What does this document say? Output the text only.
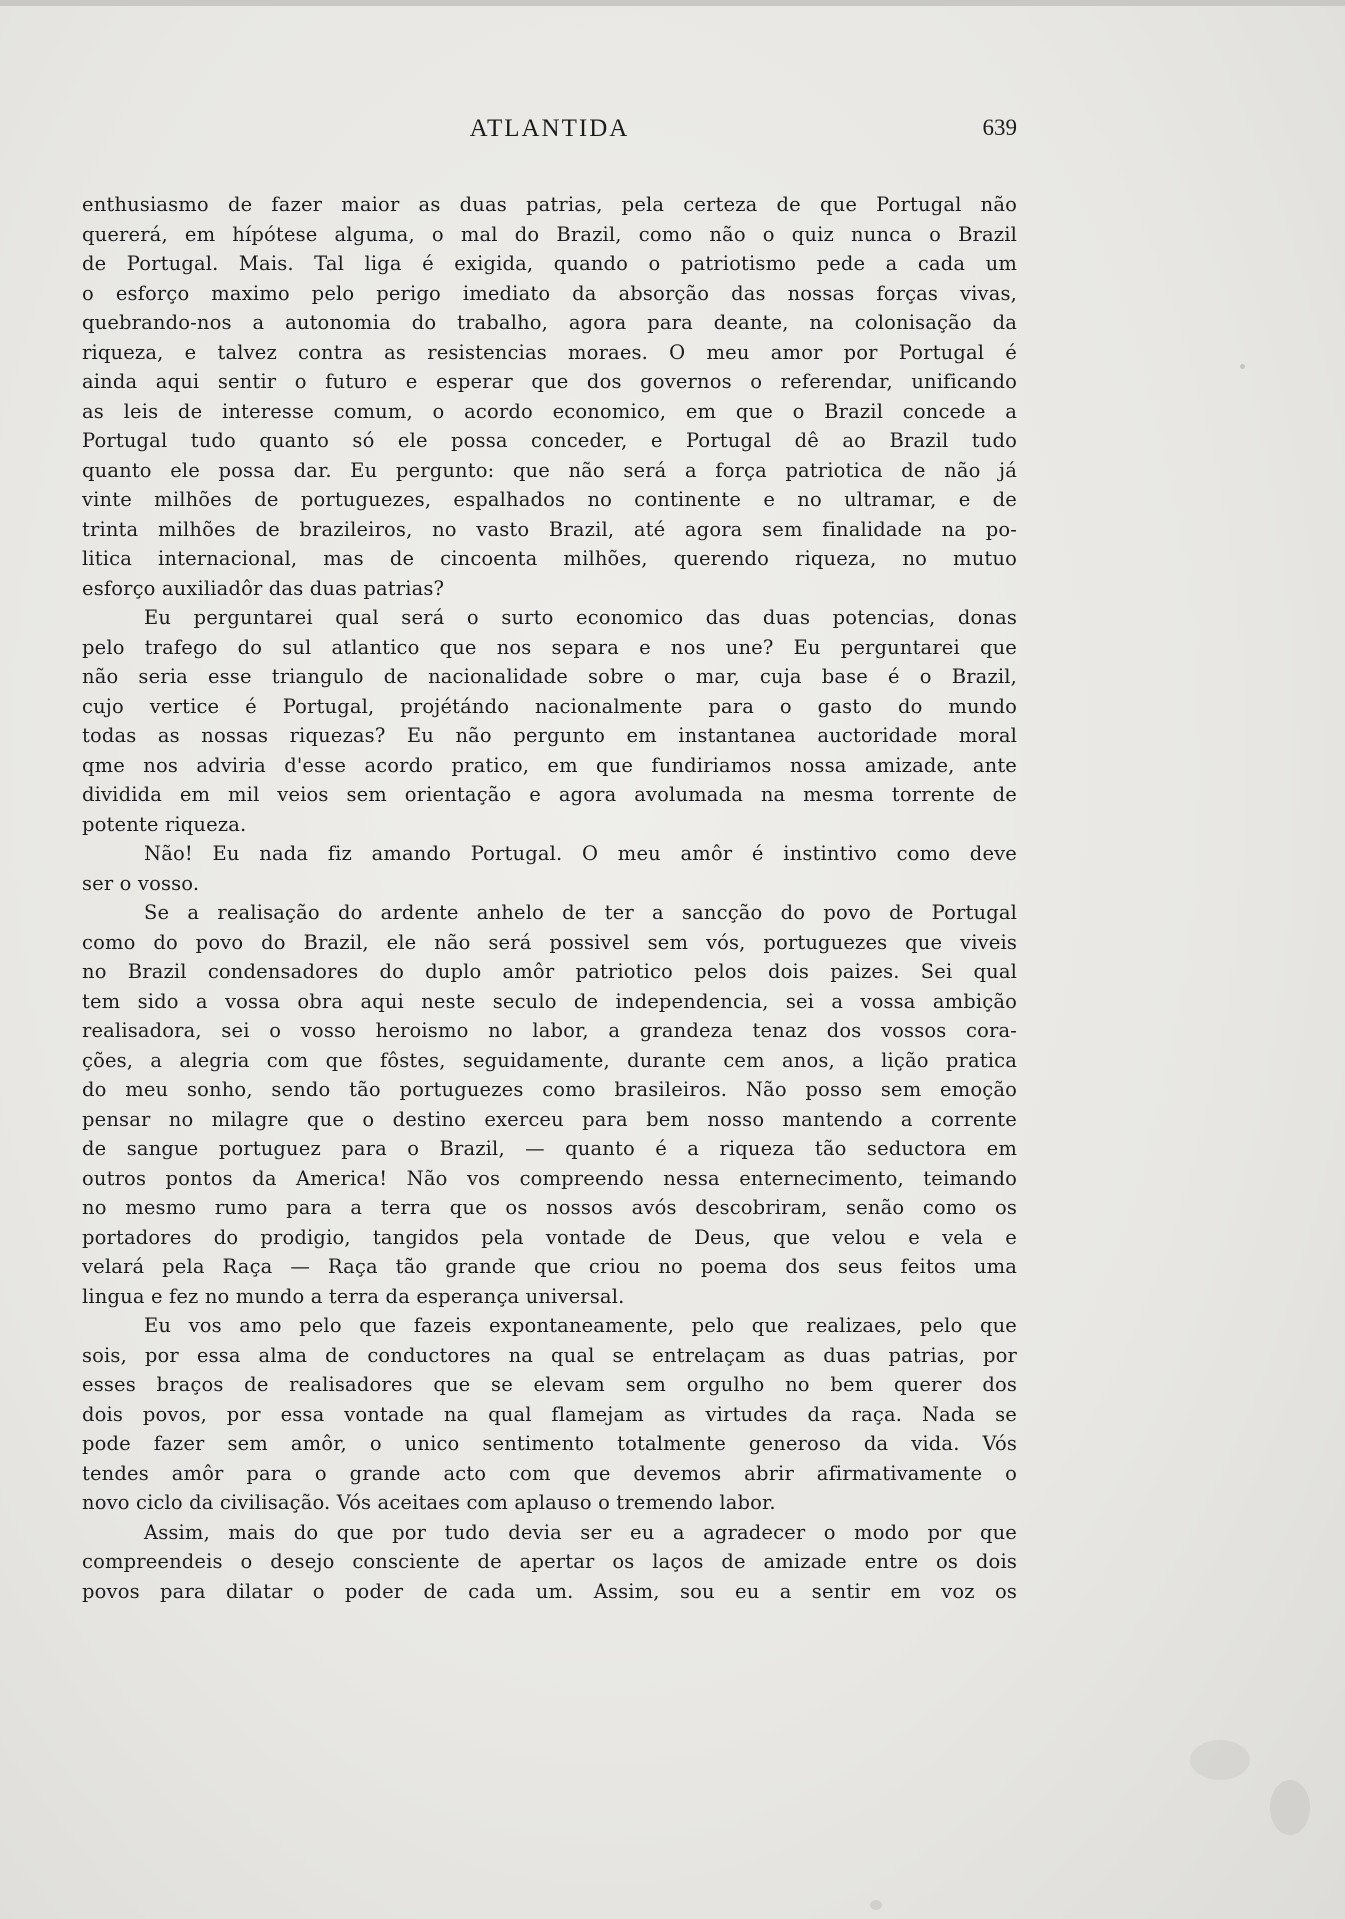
ATLANTIDA	639

enthusiasmo de fazer maior as duas patrias, pela certeza de que Portugal não

quererá, em hípótese alguma, o mal do Brazil, como não o quiz nunca o Brazil

de Portugal. Mais. Tal liga é exigida, quando o patriotismo pede a cada um

o esforço maximo pelo perigo imediato da absorção das nossas forças vivas,

quebrando-nos a autonomia do trabalho, agora para deante, na colonisação da

riqueza, e talvez contra as resistencias moraes. O meu amor por Portugal é

ainda aqui sentir o futuro e esperar que dos governos o referendar, unificando

as leis de interesse comum, o acordo economico, em que o Brazil concede a

Portugal tudo quanto só ele possa conceder, e Portugal dê ao Brazil tudo

quanto ele possa dar. Eu pergunto: que não será a força patriotica de não já

vinte milhões de portuguezes, espalhados no continente e no ultramar, e de

trinta milhões de brazileiros, no vasto Brazil, até agora sem finalidade na po-

litica internacional, mas de cincoenta milhões, querendo riqueza, no mutuo

esforço auxiliadôr das duas patrias?

Eu perguntarei qual será o surto economico das duas potencias, donas

pelo trafego do sul atlantico que nos separa e nos une? Eu perguntarei que

não seria esse triangulo de nacionalidade sobre o mar, cuja base é o Brazil,

cujo vertice é Portugal, projétándo nacionalmente para o gasto do mundo

todas as nossas riquezas? Eu não pergunto em instantanea auctoridade moral

qme nos adviria d'esse acordo pratico, em que fundiriamos nossa amizade, ante

dividida em mil veios sem orientação e agora avolumada na mesma torrente de

potente riqueza.

Não! Eu nada fiz amando Portugal. O meu amôr é instintivo como deve

ser o vosso.

Se a realisação do ardente anhelo de ter a sancção do povo de Portugal

como do povo do Brazil, ele não será possivel sem vós, portuguezes que viveis

no Brazil condensadores do duplo amôr patriotico pelos dois paizes. Sei qual

tem sido a vossa obra aqui neste seculo de independencia, sei a vossa ambição

realisadora, sei o vosso heroismo no labor, a grandeza tenaz dos vossos cora-

ções, a alegria com que fôstes, seguidamente, durante cem anos, a lição pratica

do meu sonho, sendo tão portuguezes como brasileiros. Não posso sem emoção

pensar no milagre que o destino exerceu para bem nosso mantendo a corrente

de sangue portuguez para o Brazil, — quanto é a riqueza tão seductora em

outros pontos da America! Não vos compreendo nessa enternecimento, teimando

no mesmo rumo para a terra que os nossos avós descobriram, senão como os

portadores do prodigio, tangidos pela vontade de Deus, que velou e vela e

velará pela Raça — Raça tão grande que criou no poema dos seus feitos uma

lingua e fez no mundo a terra da esperança universal.

Eu vos amo pelo que fazeis expontaneamente, pelo que realizaes, pelo que

sois, por essa alma de conductores na qual se entrelaçam as duas patrias, por

esses braços de realisadores que se elevam sem orgulho no bem querer dos

dois povos, por essa vontade na qual flamejam as virtudes da raça. Nada se

pode fazer sem amôr, o unico sentimento totalmente generoso da vida. Vós

tendes amôr para o grande acto com que devemos abrir afirmativamente o

novo ciclo da civilisação. Vós aceitaes com aplauso o tremendo labor.

Assim, mais do que por tudo devia ser eu a agradecer o modo por que

compreendeis o desejo consciente de apertar os laços de amizade entre os dois

povos para dilatar o poder de cada um. Assim, sou eu a sentir em voz os
